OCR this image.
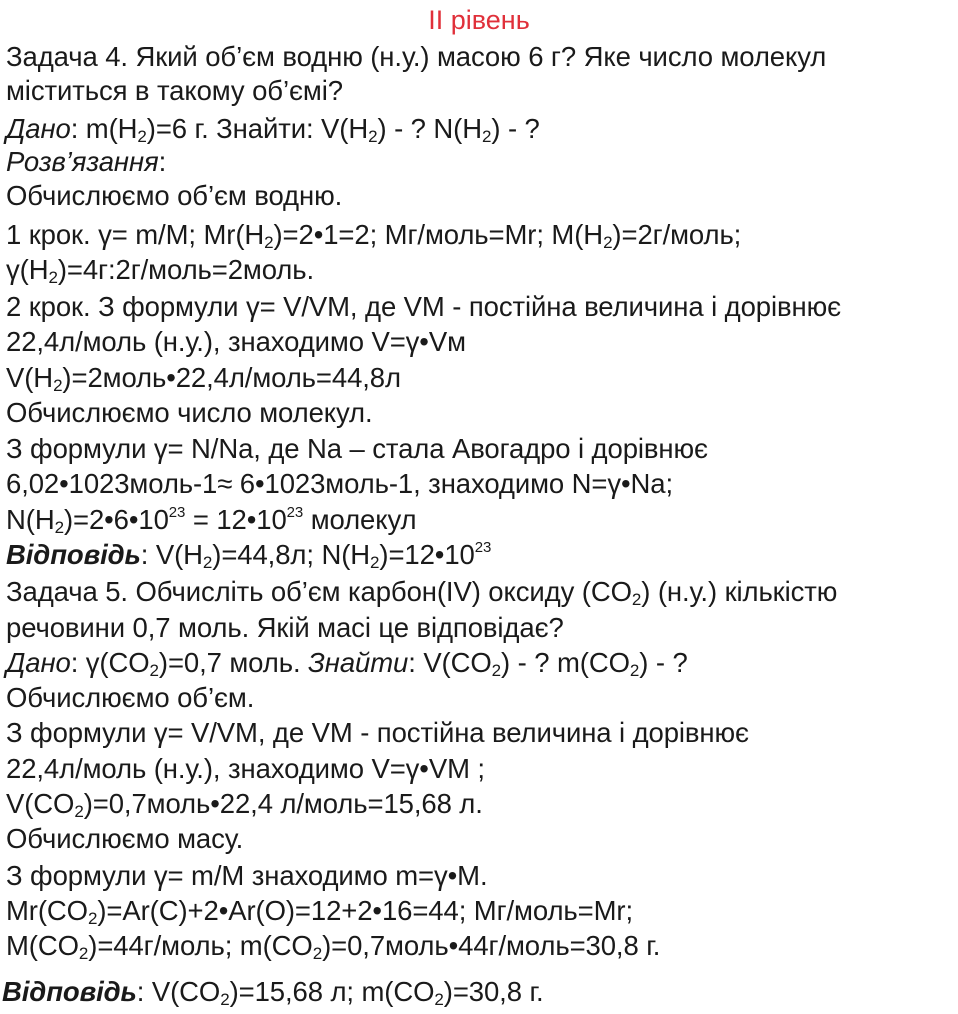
II рівень
Задача 4. Який об’єм водню (н.у.) масою 6 г? Яке число молекул
міститься в такому об’ємі?
Дано: $m(H_2)=6$ г. Знайти: $V(H_2)$ - ? $N(H_2)$ - ?
Розв’язання:
Обчислюємо об’єм водню.
1 крок. γ= m/M; $Mr(H_2)=2•1=2$; Mг/моль=Mr; $M(H_2)=2г$/моль;
$\gamma(H_2)=4г:2г/моль=2моль$.
2 крок. З формули γ= V/VM, де VM - постійна величина і дорівнює
22,4л/моль (н.у.), знаходимо V=γ•Vм
$V(H_2)=2моль•22,4л/моль=44,8л$
Обчислюємо число молекул.
З формули γ= N/Na, де Na – стала Авогадро і дорівнює
6,02•1023моль-1≈ 6•1023моль-1, знаходимо N=γ•Na;
$N(H_2)=2•6•10^{23}$ = $12•10^{23}$ молекул
Відповідь: $V(H_2)=44,8л$; $N(H_2)=12•10^{23}$
Задача 5. Обчисліть об’єм карбон(IV) оксиду $(CO_2)$ (н.у.) кількістю
речовини 0,7 моль. Якій масі це відповідає?
Дано: $\gamma(CO_2)=0,7$ моль. Знайти: $V(CO_2)$ - ? $m(CO_2)$ - ?
Обчислюємо об’єм.
З формули γ= V/VM, де VM - постійна величина і дорівнює
22,4л/моль (н.у.), знаходимо V=γ•VM ;
$V(CO_2)=0,7моль•22,4$ л/моль=15,68 л.
Обчислюємо масу.
З формули γ= m/M знаходимо m=γ•M.
$Mr(CO_2)=Ar(C)+2•Ar(O)=12+2•16=44$; Mг/моль=Mr;
$M(CO_2)=44г$/моль; $m(CO_2)=0,7моль•44г/моль=30,8$ г.
Відповідь: $V(CO_2)=15,68$ л; $m(CO_2)=30,8$ г.
